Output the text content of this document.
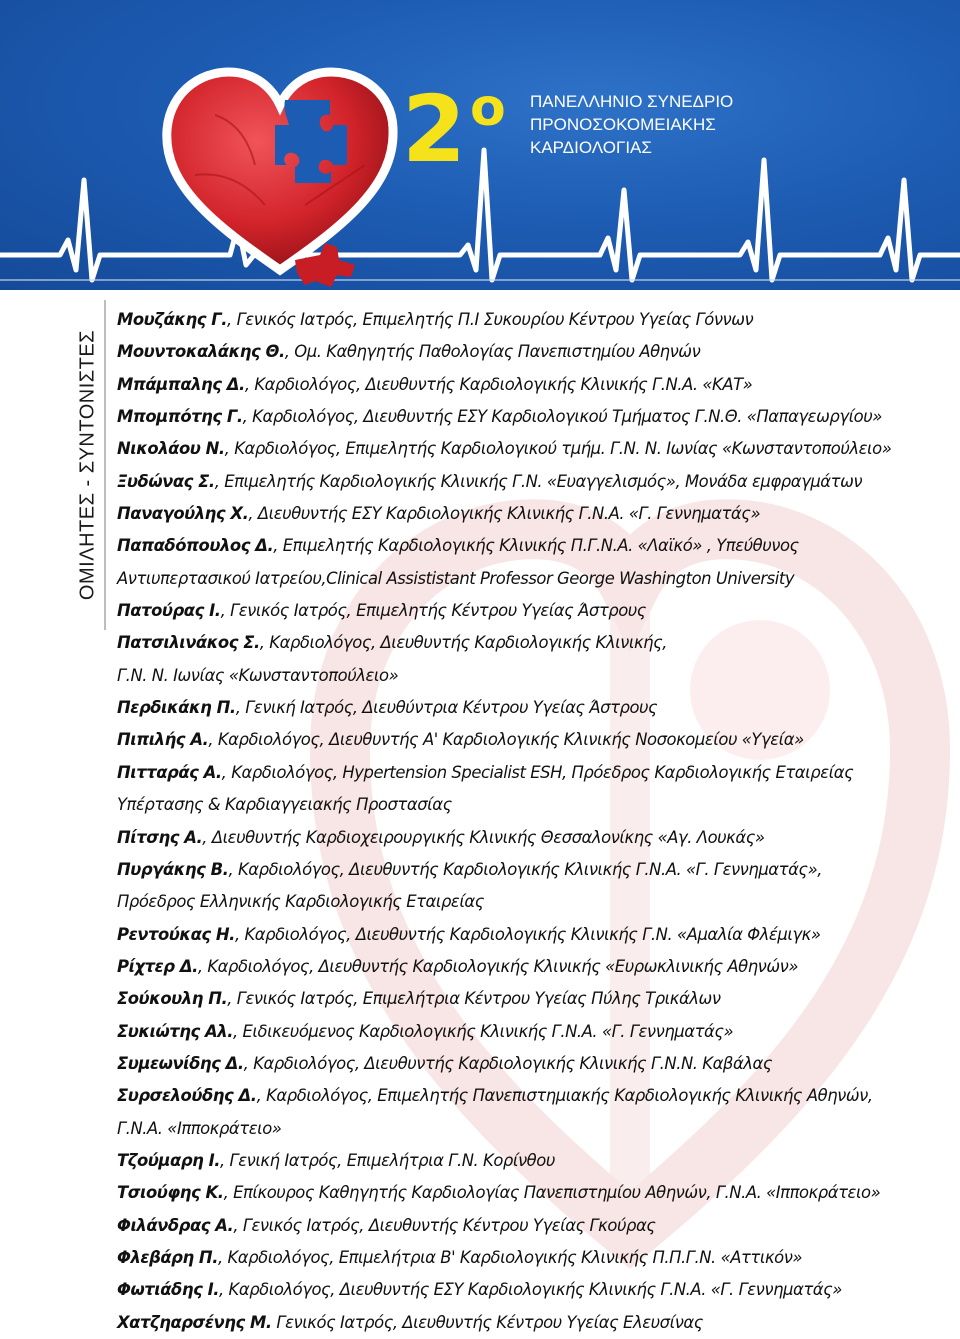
2 ο ΠΑΝΕΛΛΗΝΙΟ ΣΥΝΕΔΡΙΟ
ΠΡΟΝΟΣΟΚΟΜΕΙΑΚΗΣ
ΚΑΡΔΙΟΛΟΓΙΑΣ
ΟΜΙΛΗΤΕΣ - ΣΥΝΤΟΝΙΣΤΕΣ
Μουζάκης Γ., Γενικός Ιατρός, Επιμελητής Π.Ι Συκουρίου Κέντρου Υγείας Γόννων
Μουντοκαλάκης Θ., Ομ. Καθηγητής Παθολογίας Πανεπιστημίου Αθηνών
Μπάμπαλης Δ., Καρδιολόγος, Διευθυντής Καρδιολογικής Κλινικής Γ.Ν.Α. «ΚΑΤ»
Μπομπότης Γ., Καρδιολόγος, Διευθυντής ΕΣΥ Καρδιολογικού Τμήματος Γ.Ν.Θ. «Παπαγεωργίου»
Νικολάου Ν., Καρδιολόγος, Επιμελητής Καρδιολογικού τμήμ. Γ.Ν. Ν. Ιωνίας «Κωνσταντοπούλειο»
Ξυδώνας Σ., Επιμελητής Καρδιολογικής Κλινικής Γ.Ν. «Ευαγγελισμός», Μονάδα εμφραγμάτων
Παναγούλης Χ., Διευθυντής ΕΣΥ Καρδιολογικής Κλινικής Γ.Ν.Α. «Γ. Γεννηματάς»
Παπαδόπουλος Δ., Επιμελητής Καρδιολογικής Κλινικής Π.Γ.Ν.Α. «Λαϊκό» , Υπεύθυνος
Αντιυπερτασικού Ιατρείου,Clinical Assististant Professor George Washington University
Πατούρας Ι., Γενικός Ιατρός, Επιμελητής Κέντρου Υγείας Άστρους
Πατσιλινάκος Σ., Καρδιολόγος, Διευθυντής Καρδιολογικής Κλινικής,
Γ.Ν. Ν. Ιωνίας «Κωνσταντοπούλειο»
Περδικάκη Π., Γενική Ιατρός, Διευθύντρια Κέντρου Υγείας Άστρους
Πιπιλής Α., Καρδιολόγος, Διευθυντής Α' Καρδιολογικής Κλινικής Νοσοκομείου «Υγεία»
Πιτταράς Α., Καρδιολόγος, Hypertension Specialist ESH, Πρόεδρος Καρδιολογικής Εταιρείας
Υπέρτασης & Καρδιαγγειακής Προστασίας
Πίτσης Α., Διευθυντής Καρδιοχειρουργικής Κλινικής Θεσσαλονίκης «Αγ. Λουκάς»
Πυργάκης Β., Καρδιολόγος, Διευθυντής Καρδιολογικής Κλινικής Γ.Ν.Α. «Γ. Γεννηματάς»,
Πρόεδρος Ελληνικής Καρδιολογικής Εταιρείας
Ρεντούκας Η., Καρδιολόγος, Διευθυντής Καρδιολογικής Κλινικής Γ.Ν. «Αμαλία Φλέμιγκ»
Ρίχτερ Δ., Καρδιολόγος, Διευθυντής Καρδιολογικής Κλινικής «Ευρωκλινικής Αθηνών»
Σούκουλη Π., Γενικός Ιατρός, Επιμελήτρια Κέντρου Υγείας Πύλης Τρικάλων
Συκιώτης Αλ., Ειδικευόμενος Καρδιολογικής Κλινικής Γ.Ν.Α. «Γ. Γεννηματάς»
Συμεωνίδης Δ., Καρδιολόγος, Διευθυντής Καρδιολογικής Κλινικής Γ.Ν.Ν. Καβάλας
Συρσελούδης Δ., Καρδιολόγος, Επιμελητής Πανεπιστημιακής Καρδιολογικής Κλινικής Αθηνών,
Γ.Ν.Α. «Ιπποκράτειο»
Τζούμαρη Ι., Γενική Ιατρός, Επιμελήτρια Γ.Ν. Κορίνθου
Τσιούφης Κ., Επίκουρος Καθηγητής Καρδιολογίας Πανεπιστημίου Αθηνών, Γ.Ν.Α. «Ιπποκράτειο»
Φιλάνδρας Α., Γενικός Ιατρός, Διευθυντής Κέντρου Υγείας Γκούρας
Φλεβάρη Π., Καρδιολόγος, Επιμελήτρια Β' Καρδιολογικής Κλινικής Π.Π.Γ.Ν. «Αττικόν»
Φωτιάδης Ι., Καρδιολόγος, Διευθυντής ΕΣΥ Καρδιολογικής Κλινικής Γ.Ν.Α. «Γ. Γεννηματάς»
Χατζηαρσένης Μ. Γενικός Ιατρός, Διευθυντής Κέντρου Υγείας Ελευσίνας
